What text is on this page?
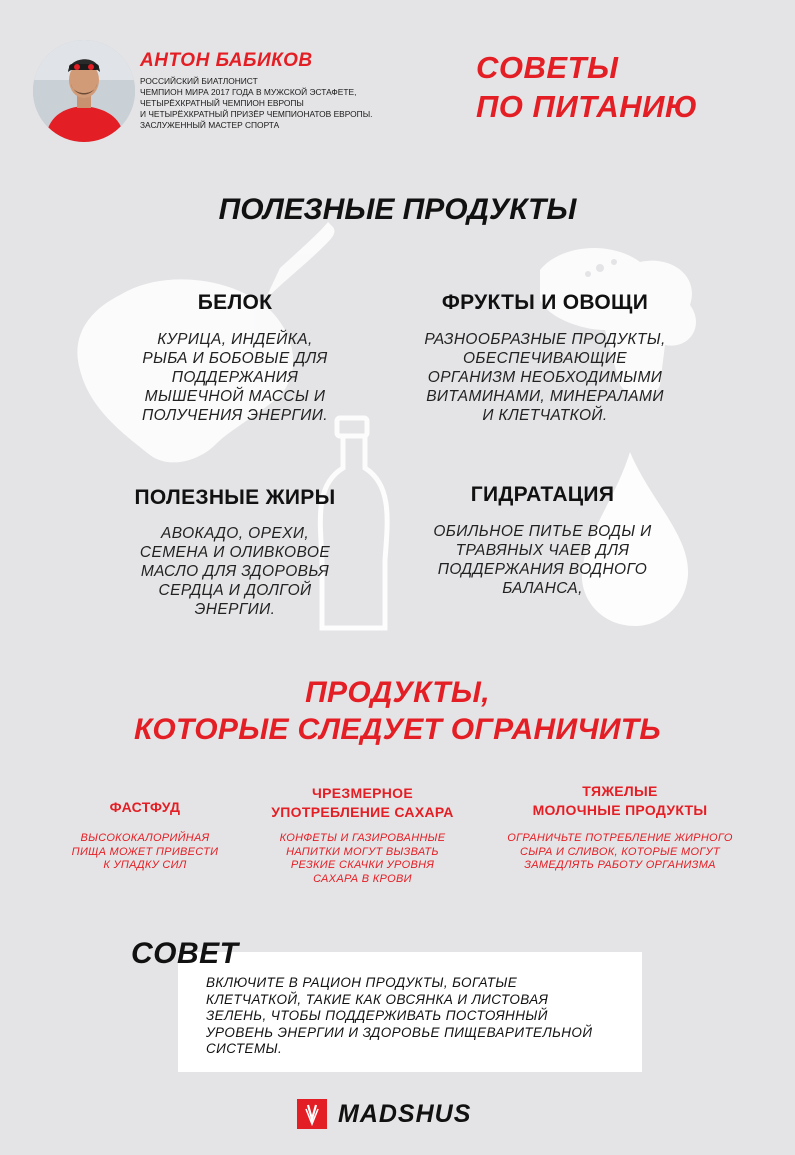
АНТОН БАБИКОВ
РОССИЙСКИЙ БИАТЛОНИСТ
ЧЕМПИОН МИРА 2017 ГОДА В МУЖСКОЙ ЭСТАФЕТЕ,
ЧЕТЫРЁХКРАТНЫЙ ЧЕМПИОН ЕВРОПЫ
И ЧЕТЫРЁХКРАТНЫЙ ПРИЗЁР ЧЕМПИОНАТОВ ЕВРОПЫ.
ЗАСЛУЖЕННЫЙ МАСТЕР СПОРТА
СОВЕТЫ
ПО ПИТАНИЮ
ПОЛЕЗНЫЕ ПРОДУКТЫ
БЕЛОК
КУРИЦА, ИНДЕЙКА,
РЫБА И БОБОВЫЕ ДЛЯ
ПОДДЕРЖАНИЯ
МЫШЕЧНОЙ МАССЫ И
ПОЛУЧЕНИЯ ЭНЕРГИИ.
ФРУКТЫ И ОВОЩИ
РАЗНООБРАЗНЫЕ ПРОДУКТЫ,
ОБЕСПЕЧИВАЮЩИЕ
ОРГАНИЗМ НЕОБХОДИМЫМИ
ВИТАМИНАМИ, МИНЕРАЛАМИ
И КЛЕТЧАТКОЙ.
ПОЛЕЗНЫЕ ЖИРЫ
АВОКАДО, ОРЕХИ,
СЕМЕНА И ОЛИВКОВОЕ
МАСЛО ДЛЯ ЗДОРОВЬЯ
СЕРДЦА И ДОЛГОЙ
ЭНЕРГИИ.
ГИДРАТАЦИЯ
ОБИЛЬНОЕ ПИТЬЕ ВОДЫ И
ТРАВЯНЫХ ЧАЕВ ДЛЯ
ПОДДЕРЖАНИЯ ВОДНОГО
БАЛАНСА,
ПРОДУКТЫ,
КОТОРЫЕ СЛЕДУЕТ ОГРАНИЧИТЬ
ФАСТФУД
ВЫСОКОКАЛОРИЙНАЯ
ПИЩА МОЖЕТ ПРИВЕСТИ
К УПАДКУ СИЛ
ЧРЕЗМЕРНОЕ
УПОТРЕБЛЕНИЕ САХАРА
КОНФЕТЫ И ГАЗИРОВАННЫЕ
НАПИТКИ МОГУТ ВЫЗВАТЬ
РЕЗКИЕ СКАЧКИ УРОВНЯ
САХАРА В КРОВИ
ТЯЖЕЛЫЕ
МОЛОЧНЫЕ ПРОДУКТЫ
ОГРАНИЧЬТЕ ПОТРЕБЛЕНИЕ ЖИРНОГО
СЫРА И СЛИВОК, КОТОРЫЕ МОГУТ
ЗАМЕДЛЯТЬ РАБОТУ ОРГАНИЗМА
СОВЕТ
ВКЛЮЧИТЕ В РАЦИОН ПРОДУКТЫ, БОГАТЫЕ
КЛЕТЧАТКОЙ, ТАКИЕ КАК ОВСЯНКА И ЛИСТОВАЯ
ЗЕЛЕНЬ, ЧТОБЫ ПОДДЕРЖИВАТЬ ПОСТОЯННЫЙ
УРОВЕНЬ ЭНЕРГИИ И ЗДОРОВЬЕ ПИЩЕВАРИТЕЛЬНОЙ
СИСТЕМЫ.
MADSHUS
